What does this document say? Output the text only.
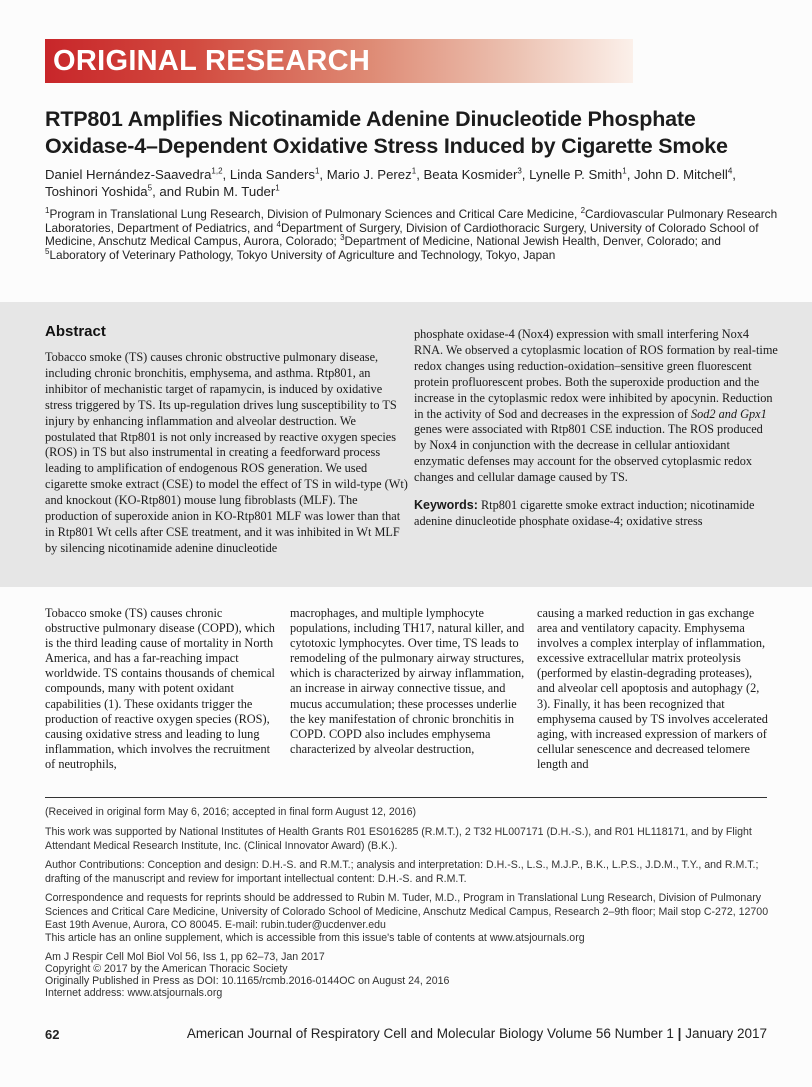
ORIGINAL RESEARCH
RTP801 Amplifies Nicotinamide Adenine Dinucleotide Phosphate
Oxidase-4–Dependent Oxidative Stress Induced by Cigarette Smoke
Daniel Hernández-Saavedra$^{1,2}$, Linda Sanders$^1$, Mario J. Perez$^1$, Beata Kosmider$^3$, Lynelle P. Smith$^1$, John D. Mitchell$^4$,
Toshinori Yoshida$^5$, and Rubin M. Tuder$^1$
$^1$Program in Translational Lung Research, Division of Pulmonary Sciences and Critical Care Medicine, $^2$Cardiovascular Pulmonary Research Laboratories, Department of Pediatrics, and $^4$Department of Surgery, Division of Cardiothoracic Surgery, University of Colorado School of Medicine, Anschutz Medical Campus, Aurora, Colorado; $^3$Department of Medicine, National Jewish Health, Denver, Colorado; and $^5$Laboratory of Veterinary Pathology, Tokyo University of Agriculture and Technology, Tokyo, Japan
Abstract

Tobacco smoke (TS) causes chronic obstructive pulmonary disease, including chronic bronchitis, emphysema, and asthma. Rtp801, an inhibitor of mechanistic target of rapamycin, is induced by oxidative stress triggered by TS. Its up-regulation drives lung susceptibility to TS injury by enhancing inflammation and alveolar destruction. We postulated that Rtp801 is not only increased by reactive oxygen species (ROS) in TS but also instrumental in creating a feedforward process leading to amplification of endogenous ROS generation. We used cigarette smoke extract (CSE) to model the effect of TS in wild-type (Wt) and knockout (KO-Rtp801) mouse lung fibroblasts (MLF). The production of superoxide anion in KO-Rtp801 MLF was lower than that in Rtp801 Wt cells after CSE treatment, and it was inhibited in Wt MLF by silencing nicotinamide adenine dinucleotide

phosphate oxidase-4 (Nox4) expression with small interfering Nox4 RNA. We observed a cytoplasmic location of ROS formation by real-time redox changes using reduction-oxidation–sensitive green fluorescent protein profluorescent probes. Both the superoxide production and the increase in the cytoplasmic redox were inhibited by apocynin. Reduction in the activity of Sod and decreases in the expression of Sod2 and Gpx1 genes were associated with Rtp801 CSE induction. The ROS produced by Nox4 in conjunction with the decrease in cellular antioxidant enzymatic defenses may account for the observed cytoplasmic redox changes and cellular damage caused by TS.

Keywords: Rtp801 cigarette smoke extract induction; nicotinamide adenine dinucleotide phosphate oxidase-4; oxidative stress

Tobacco smoke (TS) causes chronic obstructive pulmonary disease (COPD), which is the third leading cause of mortality in North America, and has a far-reaching impact worldwide. TS contains thousands of chemical compounds, many with potent oxidant capabilities (1). These oxidants trigger the production of reactive oxygen species (ROS), causing oxidative stress and leading to lung inflammation, which involves the recruitment of neutrophils,
macrophages, and multiple lymphocyte populations, including TH17, natural killer, and cytotoxic lymphocytes. Over time, TS leads to remodeling of the pulmonary airway structures, which is characterized by airway inflammation, an increase in airway connective tissue, and mucus accumulation; these processes underlie the key manifestation of chronic bronchitis in COPD. COPD also includes emphysema characterized by alveolar destruction,
causing a marked reduction in gas exchange area and ventilatory capacity. Emphysema involves a complex interplay of inflammation, excessive extracellular matrix proteolysis (performed by elastin-degrading proteases), and alveolar cell apoptosis and autophagy (2, 3). Finally, it has been recognized that emphysema caused by TS involves accelerated aging, with increased expression of markers of cellular senescence and decreased telomere length and
(Received in original form May 6, 2016; accepted in final form August 12, 2016)
This work was supported by National Institutes of Health Grants R01 ES016285 (R.M.T.), 2 T32 HL007171 (D.H.-S.), and R01 HL118171, and by Flight Attendant Medical Research Institute, Inc. (Clinical Innovator Award) (B.K.).
Author Contributions: Conception and design: D.H.-S. and R.M.T.; analysis and interpretation: D.H.-S., L.S., M.J.P., B.K., L.P.S., J.D.M., T.Y., and R.M.T.; drafting of the manuscript and review for important intellectual content: D.H.-S. and R.M.T.
Correspondence and requests for reprints should be addressed to Rubin M. Tuder, M.D., Program in Translational Lung Research, Division of Pulmonary Sciences and Critical Care Medicine, University of Colorado School of Medicine, Anschutz Medical Campus, Research 2–9th floor; Mail stop C-272, 12700 East 19th Avenue, Aurora, CO 80045. E-mail: rubin.tuder@ucdenver.edu
This article has an online supplement, which is accessible from this issue's table of contents at www.atsjournals.org
Am J Respir Cell Mol Biol Vol 56, Iss 1, pp 62–73, Jan 2017
Copyright © 2017 by the American Thoracic Society
Originally Published in Press as DOI: 10.1165/rcmb.2016-0144OC on August 24, 2016
Internet address: www.atsjournals.org
62	American Journal of Respiratory Cell and Molecular Biology Volume 56 Number 1 | January 2017
